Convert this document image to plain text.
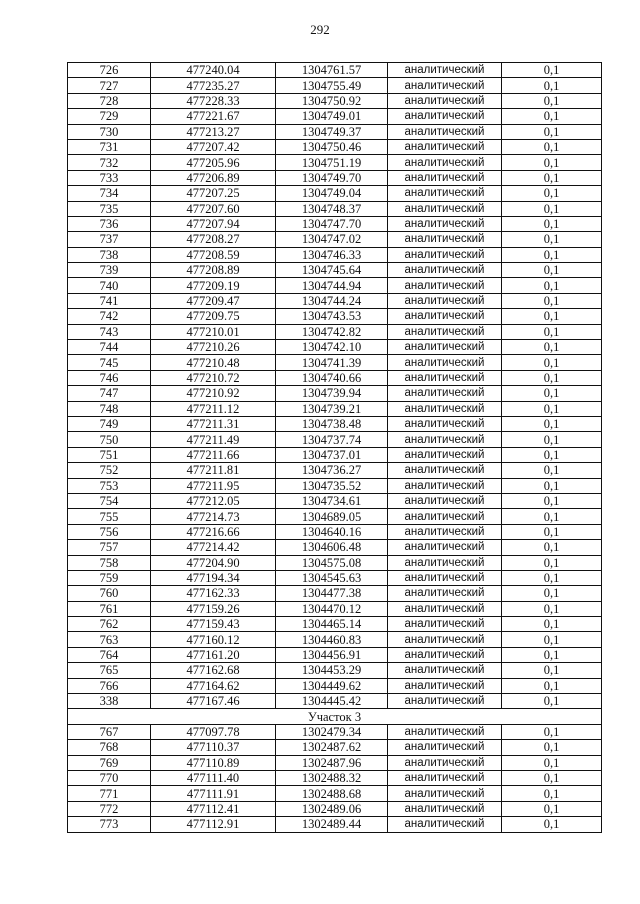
292
726	477240.04	1304761.57	аналитический	0,1
727	477235.27	1304755.49	аналитический	0,1
728	477228.33	1304750.92	аналитический	0,1
729	477221.67	1304749.01	аналитический	0,1
730	477213.27	1304749.37	аналитический	0,1
731	477207.42	1304750.46	аналитический	0,1
732	477205.96	1304751.19	аналитический	0,1
733	477206.89	1304749.70	аналитический	0,1
734	477207.25	1304749.04	аналитический	0,1
735	477207.60	1304748.37	аналитический	0,1
736	477207.94	1304747.70	аналитический	0,1
737	477208.27	1304747.02	аналитический	0,1
738	477208.59	1304746.33	аналитический	0,1
739	477208.89	1304745.64	аналитический	0,1
740	477209.19	1304744.94	аналитический	0,1
741	477209.47	1304744.24	аналитический	0,1
742	477209.75	1304743.53	аналитический	0,1
743	477210.01	1304742.82	аналитический	0,1
744	477210.26	1304742.10	аналитический	0,1
745	477210.48	1304741.39	аналитический	0,1
746	477210.72	1304740.66	аналитический	0,1
747	477210.92	1304739.94	аналитический	0,1
748	477211.12	1304739.21	аналитический	0,1
749	477211.31	1304738.48	аналитический	0,1
750	477211.49	1304737.74	аналитический	0,1
751	477211.66	1304737.01	аналитический	0,1
752	477211.81	1304736.27	аналитический	0,1
753	477211.95	1304735.52	аналитический	0,1
754	477212.05	1304734.61	аналитический	0,1
755	477214.73	1304689.05	аналитический	0,1
756	477216.66	1304640.16	аналитический	0,1
757	477214.42	1304606.48	аналитический	0,1
758	477204.90	1304575.08	аналитический	0,1
759	477194.34	1304545.63	аналитический	0,1
760	477162.33	1304477.38	аналитический	0,1
761	477159.26	1304470.12	аналитический	0,1
762	477159.43	1304465.14	аналитический	0,1
763	477160.12	1304460.83	аналитический	0,1
764	477161.20	1304456.91	аналитический	0,1
765	477162.68	1304453.29	аналитический	0,1
766	477164.62	1304449.62	аналитический	0,1
338	477167.46	1304445.42	аналитический	0,1
Участок 3				
767	477097.78	1302479.34	аналитический	0,1
768	477110.37	1302487.62	аналитический	0,1
769	477110.89	1302487.96	аналитический	0,1
770	477111.40	1302488.32	аналитический	0,1
771	477111.91	1302488.68	аналитический	0,1
772	477112.41	1302489.06	аналитический	0,1
773	477112.91	1302489.44	аналитический	0,1
